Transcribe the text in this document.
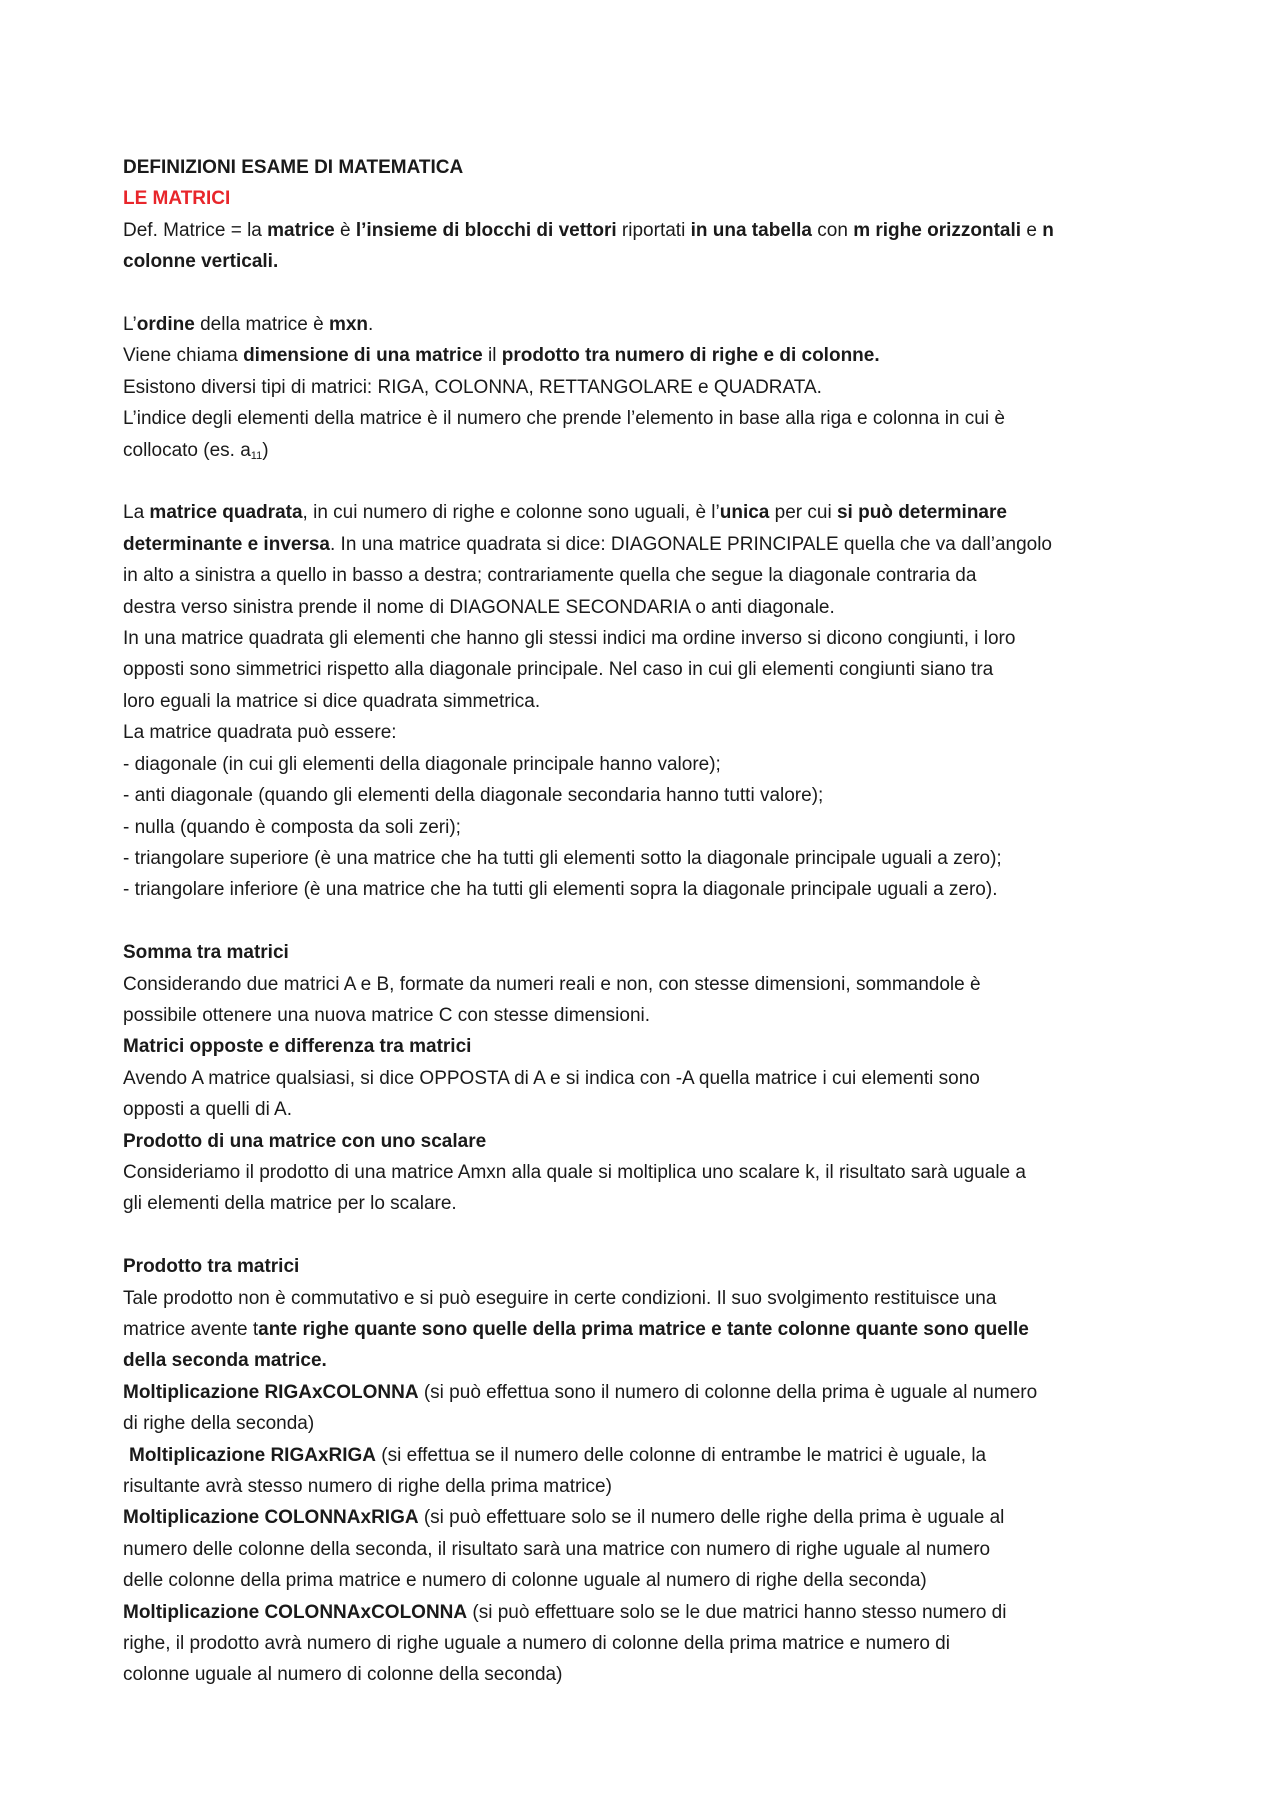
DEFINIZIONI ESAME DI MATEMATICA

LE MATRICI

Def. Matrice = la matrice è l’insieme di blocchi di vettori riportati in una tabella con m righe orizzontali e n

colonne verticali.

L’ordine della matrice è mxn.

Viene chiama dimensione di una matrice il prodotto tra numero di righe e di colonne.

Esistono diversi tipi di matrici: RIGA, COLONNA, RETTANGOLARE e QUADRATA.

L’indice degli elementi della matrice è il numero che prende l’elemento in base alla riga e colonna in cui è

collocato (es. $a_{11}$)

La matrice quadrata, in cui numero di righe e colonne sono uguali, è l’unica per cui si può determinare

determinante e inversa. In una matrice quadrata si dice: DIAGONALE PRINCIPALE quella che va dall’angolo

in alto a sinistra a quello in basso a destra; contrariamente quella che segue la diagonale contraria da

destra verso sinistra prende il nome di DIAGONALE SECONDARIA o anti diagonale.

In una matrice quadrata gli elementi che hanno gli stessi indici ma ordine inverso si dicono congiunti, i loro

opposti sono simmetrici rispetto alla diagonale principale. Nel caso in cui gli elementi congiunti siano tra

loro eguali la matrice si dice quadrata simmetrica.

La matrice quadrata può essere:

- diagonale (in cui gli elementi della diagonale principale hanno valore);

- anti diagonale (quando gli elementi della diagonale secondaria hanno tutti valore);

- nulla (quando è composta da soli zeri);

- triangolare superiore (è una matrice che ha tutti gli elementi sotto la diagonale principale uguali a zero);

- triangolare inferiore (è una matrice che ha tutti gli elementi sopra la diagonale principale uguali a zero).

Somma tra matrici

Considerando due matrici A e B, formate da numeri reali e non, con stesse dimensioni, sommandole è

possibile ottenere una nuova matrice C con stesse dimensioni.

Matrici opposte e differenza tra matrici

Avendo A matrice qualsiasi, si dice OPPOSTA di A e si indica con -A quella matrice i cui elementi sono

opposti a quelli di A.

Prodotto di una matrice con uno scalare

Consideriamo il prodotto di una matrice Amxn alla quale si moltiplica uno scalare k, il risultato sarà uguale a

gli elementi della matrice per lo scalare.

Prodotto tra matrici

Tale prodotto non è commutativo e si può eseguire in certe condizioni. Il suo svolgimento restituisce una

matrice avente tante righe quante sono quelle della prima matrice e tante colonne quante sono quelle

della seconda matrice.

Moltiplicazione RIGAxCOLONNA (si può effettua sono il numero di colonne della prima è uguale al numero

di righe della seconda)

Moltiplicazione RIGAxRIGA (si effettua se il numero delle colonne di entrambe le matrici è uguale, la

risultante avrà stesso numero di righe della prima matrice)

Moltiplicazione COLONNAxRIGA (si può effettuare solo se il numero delle righe della prima è uguale al

numero delle colonne della seconda, il risultato sarà una matrice con numero di righe uguale al numero

delle colonne della prima matrice e numero di colonne uguale al numero di righe della seconda)

Moltiplicazione COLONNAxCOLONNA (si può effettuare solo se le due matrici hanno stesso numero di

righe, il prodotto avrà numero di righe uguale a numero di colonne della prima matrice e numero di

colonne uguale al numero di colonne della seconda)
